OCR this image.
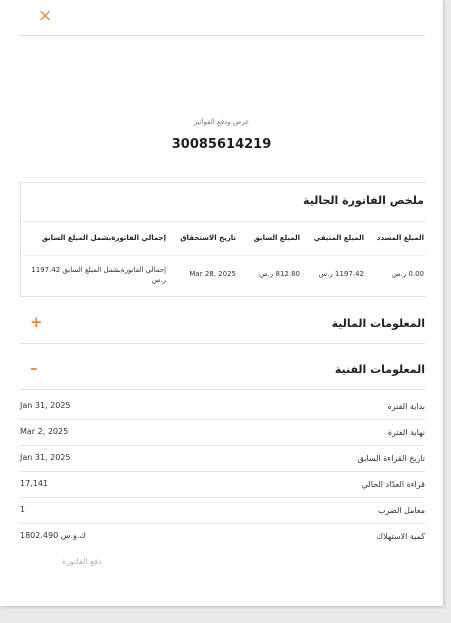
×
عرض ودفع الفواتير
30085614219
ملخص الفاتورة الحالية
المبلغ المسدد
المبلغ المتبقي
المبلغ السابق
تاريخ الاستحقاق
إجمالي الفاتورةبشمل المبلغ السابق
0.00 ر.س
1197.42 ر.س
812.80 ر.س
Mar 28, 2025
إجمالي الفاتورةبشمل المبلغ السابق 1197.42 ر.س
المعلومات المالية
+
المعلومات الفنية
–
بداية الفترة
Jan 31, 2025
نهاية الفترة
Mar 2, 2025
تاريخ القراءة السابق
Jan 31, 2025
قراءة العدّاد الحالي
17,141
معامل الضرب
1
كمية الاستهلاك
1802.490 ك.و.س
دفع الفاتورة
